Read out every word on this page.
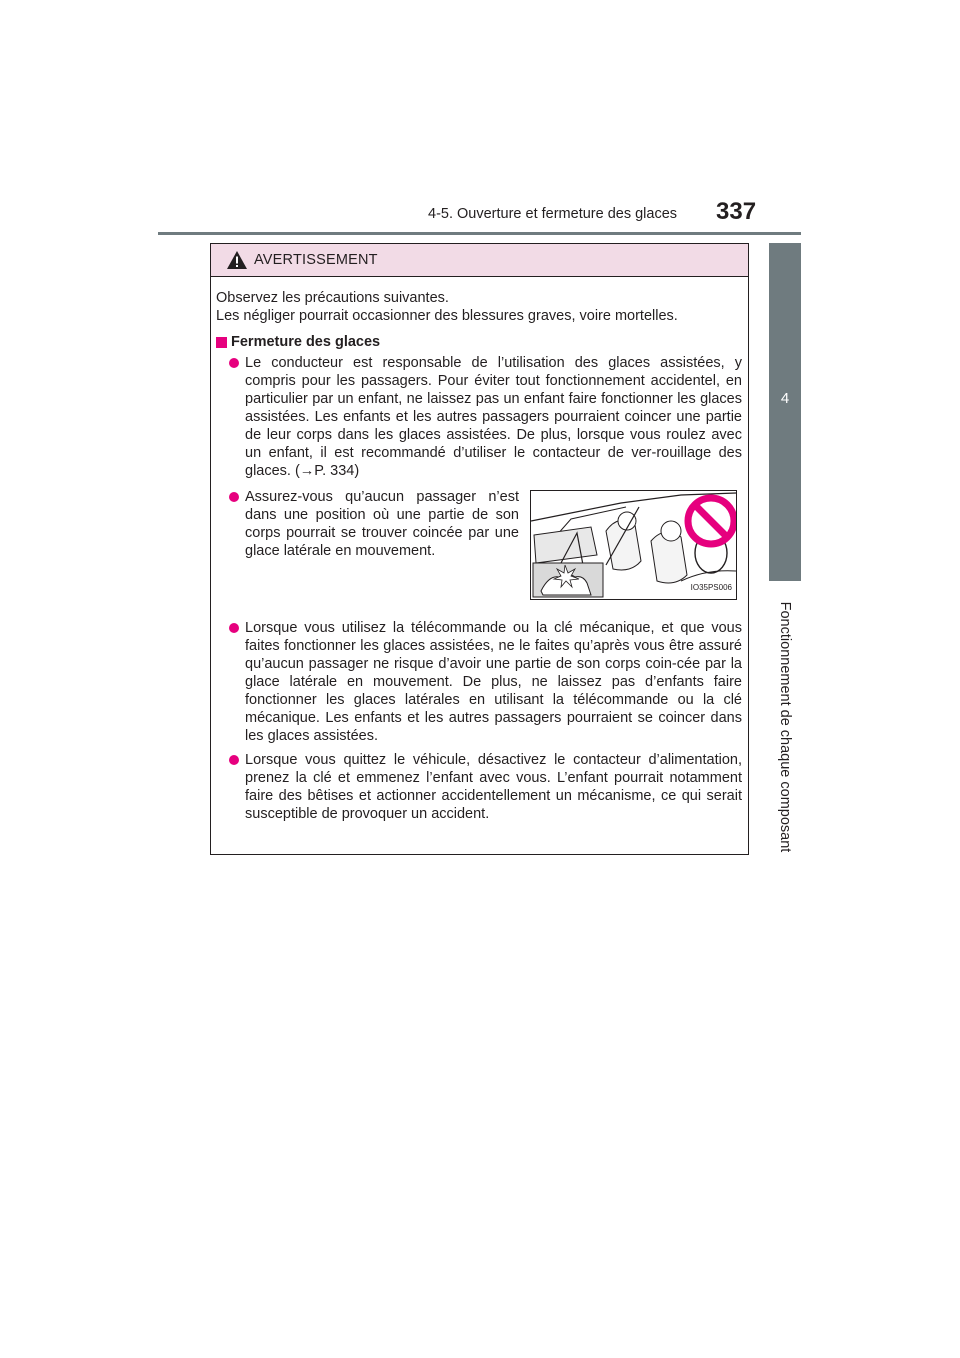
4-5. Ouverture et fermeture des glaces 337
4
Fonctionnement de chaque composant
AVERTISSEMENT
Observez les précautions suivantes.
Les négliger pourrait occasionner des blessures graves, voire mortelles.
Fermeture des glaces
Le conducteur est responsable de l’utilisation des glaces assistées, y compris pour les passagers. Pour éviter tout fonctionnement accidentel, en particulier par un enfant, ne laissez pas un enfant faire fonctionner les glaces assistées. Les enfants et les autres passagers pourraient coincer une partie de leur corps dans les glaces assistées. De plus, lorsque vous roulez avec un enfant, il est recommandé d’utiliser le contacteur de ver-rouillage des glaces. (→P. 334)
Assurez-vous qu’aucun passager n’est dans une position où une partie de son corps pourrait se trouver coincée par une glace latérale en mouvement.
IO35PS006
Lorsque vous utilisez la télécommande ou la clé mécanique, et que vous faites fonctionner les glaces assistées, ne le faites qu’après vous être assuré qu’aucun passager ne risque d’avoir une partie de son corps coin-cée par la glace latérale en mouvement. De plus, ne laissez pas d’enfants faire fonctionner les glaces latérales en utilisant la télécommande ou la clé mécanique. Les enfants et les autres passagers pourraient se coincer dans les glaces assistées.
Lorsque vous quittez le véhicule, désactivez le contacteur d’alimentation, prenez la clé et emmenez l’enfant avec vous. L’enfant pourrait notamment faire des bêtises et actionner accidentellement un mécanisme, ce qui serait susceptible de provoquer un accident.
